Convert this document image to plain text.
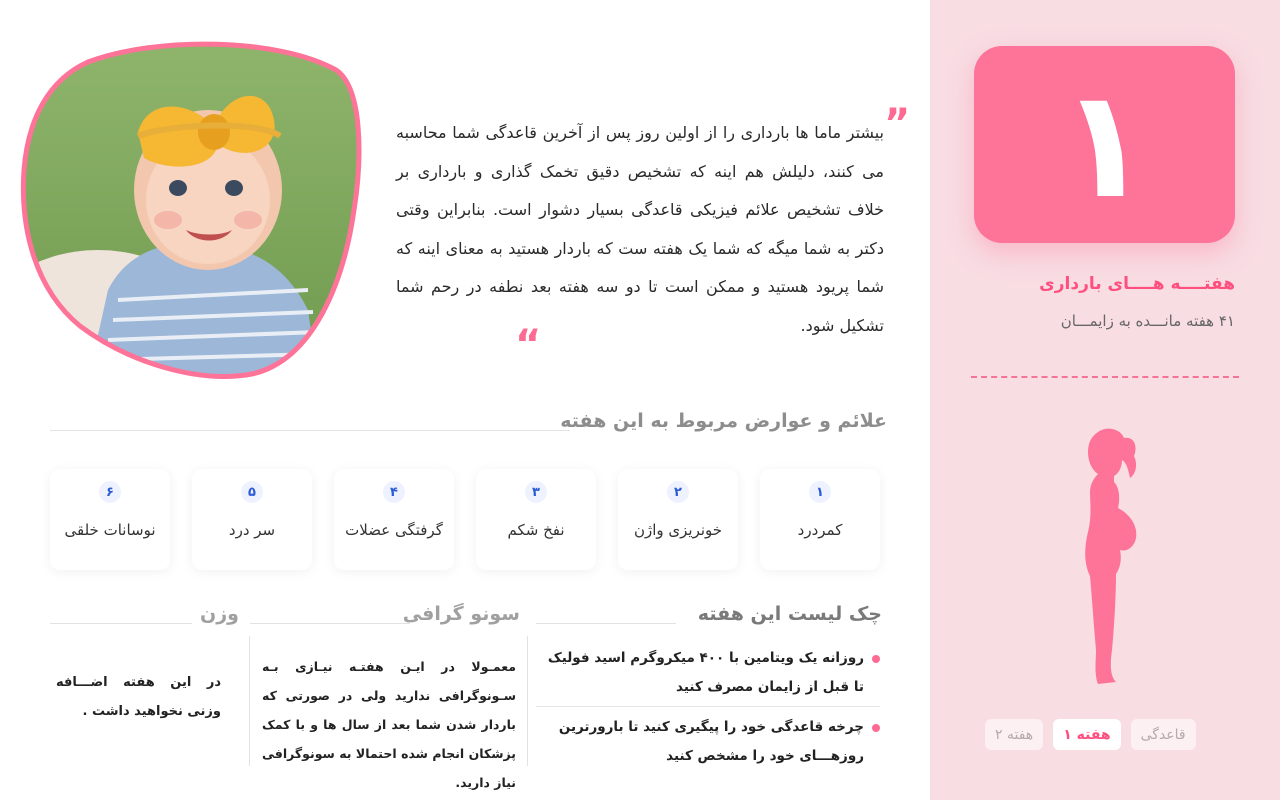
۱
هفتــــه هــــای بارداری
۴۱ هفته مانـــده به زایمـــان
هفته ۲	هفته ۱	قاعدگی
”

بیشتر ماما ها بارداری را از اولین روز پس از آخرین قاعدگی شما محاسبه می کنند، دلیلش هم اینه که تشخیص دقیق تخمک گذاری و بارداری بر خلاف تشخیص علائم فیزیکی قاعدگی بسیار دشوار است. بنابراین وقتی دکتر به شما میگه که شما یک هفته ست که باردار هستید به معنای اینه که شما پریود هستید و ممکن است تا دو سه هفته بعد نطفه در رحم شما تشکیل شود.

“
علائم و عوارض مربوط به این هفته
۱
کمردرد
۲
خونریزی واژن
۳
نفخ شکم
۴
گرفتگی عضلات
۵
سر درد
۶
نوسانات خلقی
چک لیست این هفته
روزانه یک ویتامین با ۴۰۰ میکروگرم اسید فولیک تا قبل از زایمان مصرف کنید
چرخه قاعدگی خود را پیگیری کنید تا بارورترین روزهـــای خود را مشخص کنید
سونو گرافی

معمـولا در ایـن هفتـه نیـازی بـه سـونوگرافی ندارید ولی در صورتی که باردار شدن شما بعد از سال ها و با کمک پزشکان انجام شده احتمالا به سونوگرافی نیاز دارید.

وزن

در این هفته اضـــافه وزنی نخواهید داشت .
